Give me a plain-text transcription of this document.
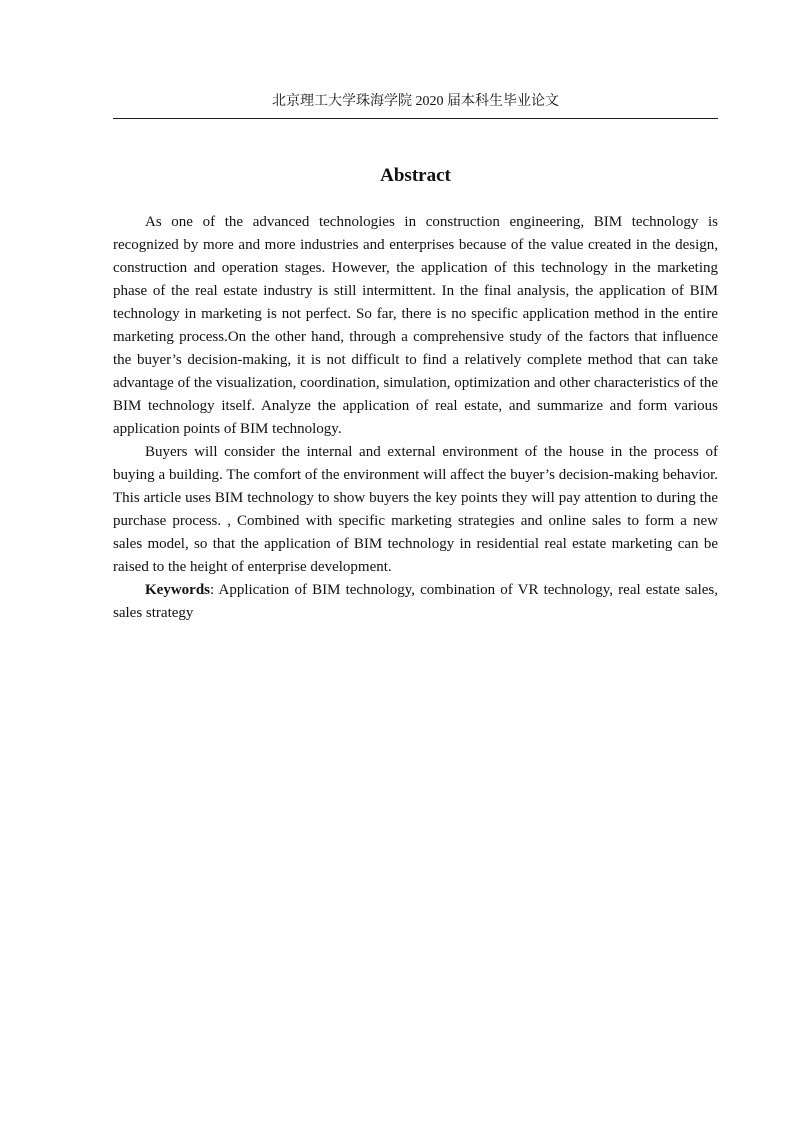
北京理工大学珠海学院 2020 届本科生毕业论文
Abstract

As one of the advanced technologies in construction engineering, BIM technology is recognized by more and more industries and enterprises because of the value created in the design, construction and operation stages. However, the application of this technology in the marketing phase of the real estate industry is still intermittent. In the final analysis, the application of BIM technology in marketing is not perfect. So far, there is no specific application method in the entire marketing process.On the other hand, through a comprehensive study of the factors that influence the buyer’s decision-making, it is not difficult to find a relatively complete method that can take advantage of the visualization, coordination, simulation, optimization and other characteristics of the BIM technology itself. Analyze the application of real estate, and summarize and form various application points of BIM technology.

Buyers will consider the internal and external environment of the house in the process of buying a building. The comfort of the environment will affect the buyer’s decision-making behavior. This article uses BIM technology to show buyers the key points they will pay attention to during the purchase process. , Combined with specific marketing strategies and online sales to form a new sales model, so that the application of BIM technology in residential real estate marketing can be raised to the height of enterprise development.

Keywords: Application of BIM technology, combination of VR technology, real estate sales, sales strategy
